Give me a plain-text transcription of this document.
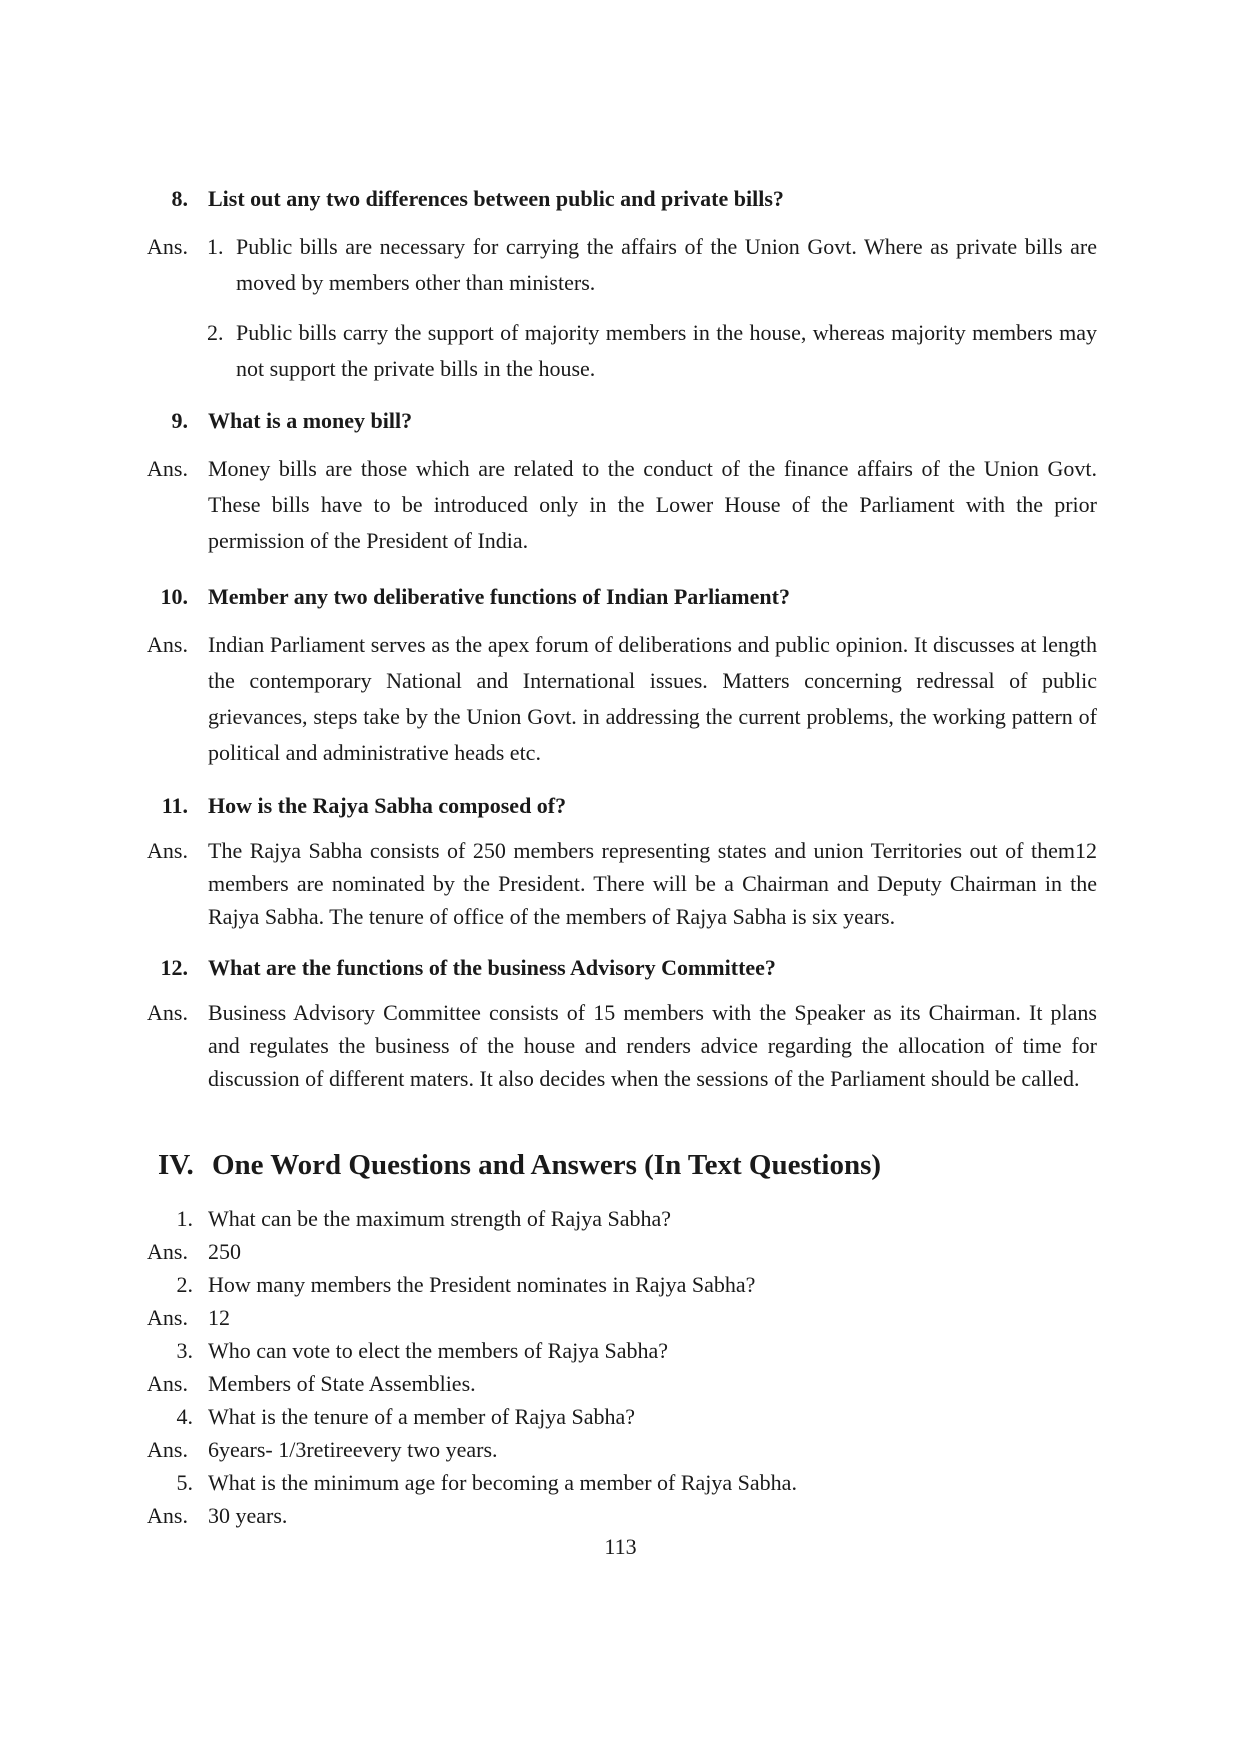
8. List out any two differences between public and private bills?
Ans. 1. Public bills are necessary for carrying the affairs of the Union Govt. Where as private bills are moved by members other than ministers.
2. Public bills carry the support of majority members in the house, whereas majority members may not support the private bills in the house.
9. What is a money bill?
Ans. Money bills are those which are related to the conduct of the finance affairs of the Union Govt. These bills have to be introduced only in the Lower House of the Parliament with the prior permission of the President of India.
10. Member any two deliberative functions of Indian Parliament?
Ans. Indian Parliament serves as the apex forum of deliberations and public opinion. It discusses at length the contemporary National and International issues. Matters concerning redressal of public grievances, steps take by the Union Govt. in addressing the current problems, the working pattern of political and administrative heads etc.
11. How is the Rajya Sabha composed of?
Ans. The Rajya Sabha consists of 250 members representing states and union Territories out of them12 members are nominated by the President. There will be a Chairman and Deputy Chairman in the Rajya Sabha. The tenure of office of the members of Rajya Sabha is six years.
12. What are the functions of the business Advisory Committee?
Ans. Business Advisory Committee consists of 15 members with the Speaker as its Chairman. It plans and regulates the business of the house and renders advice regarding the allocation of time for discussion of different maters. It also decides when the sessions of the Parliament should be called.
IV. One Word Questions and Answers (In Text Questions)
1. What can be the maximum strength of Rajya Sabha?
Ans. 250
2. How many members the President nominates in Rajya Sabha?
Ans. 12
3. Who can vote to elect the members of Rajya Sabha?
Ans. Members of State Assemblies.
4. What is the tenure of a member of Rajya Sabha?
Ans. 6years- 1/3retireevery two years.
5. What is the minimum age for becoming a member of Rajya Sabha.
Ans. 30 years.
113
